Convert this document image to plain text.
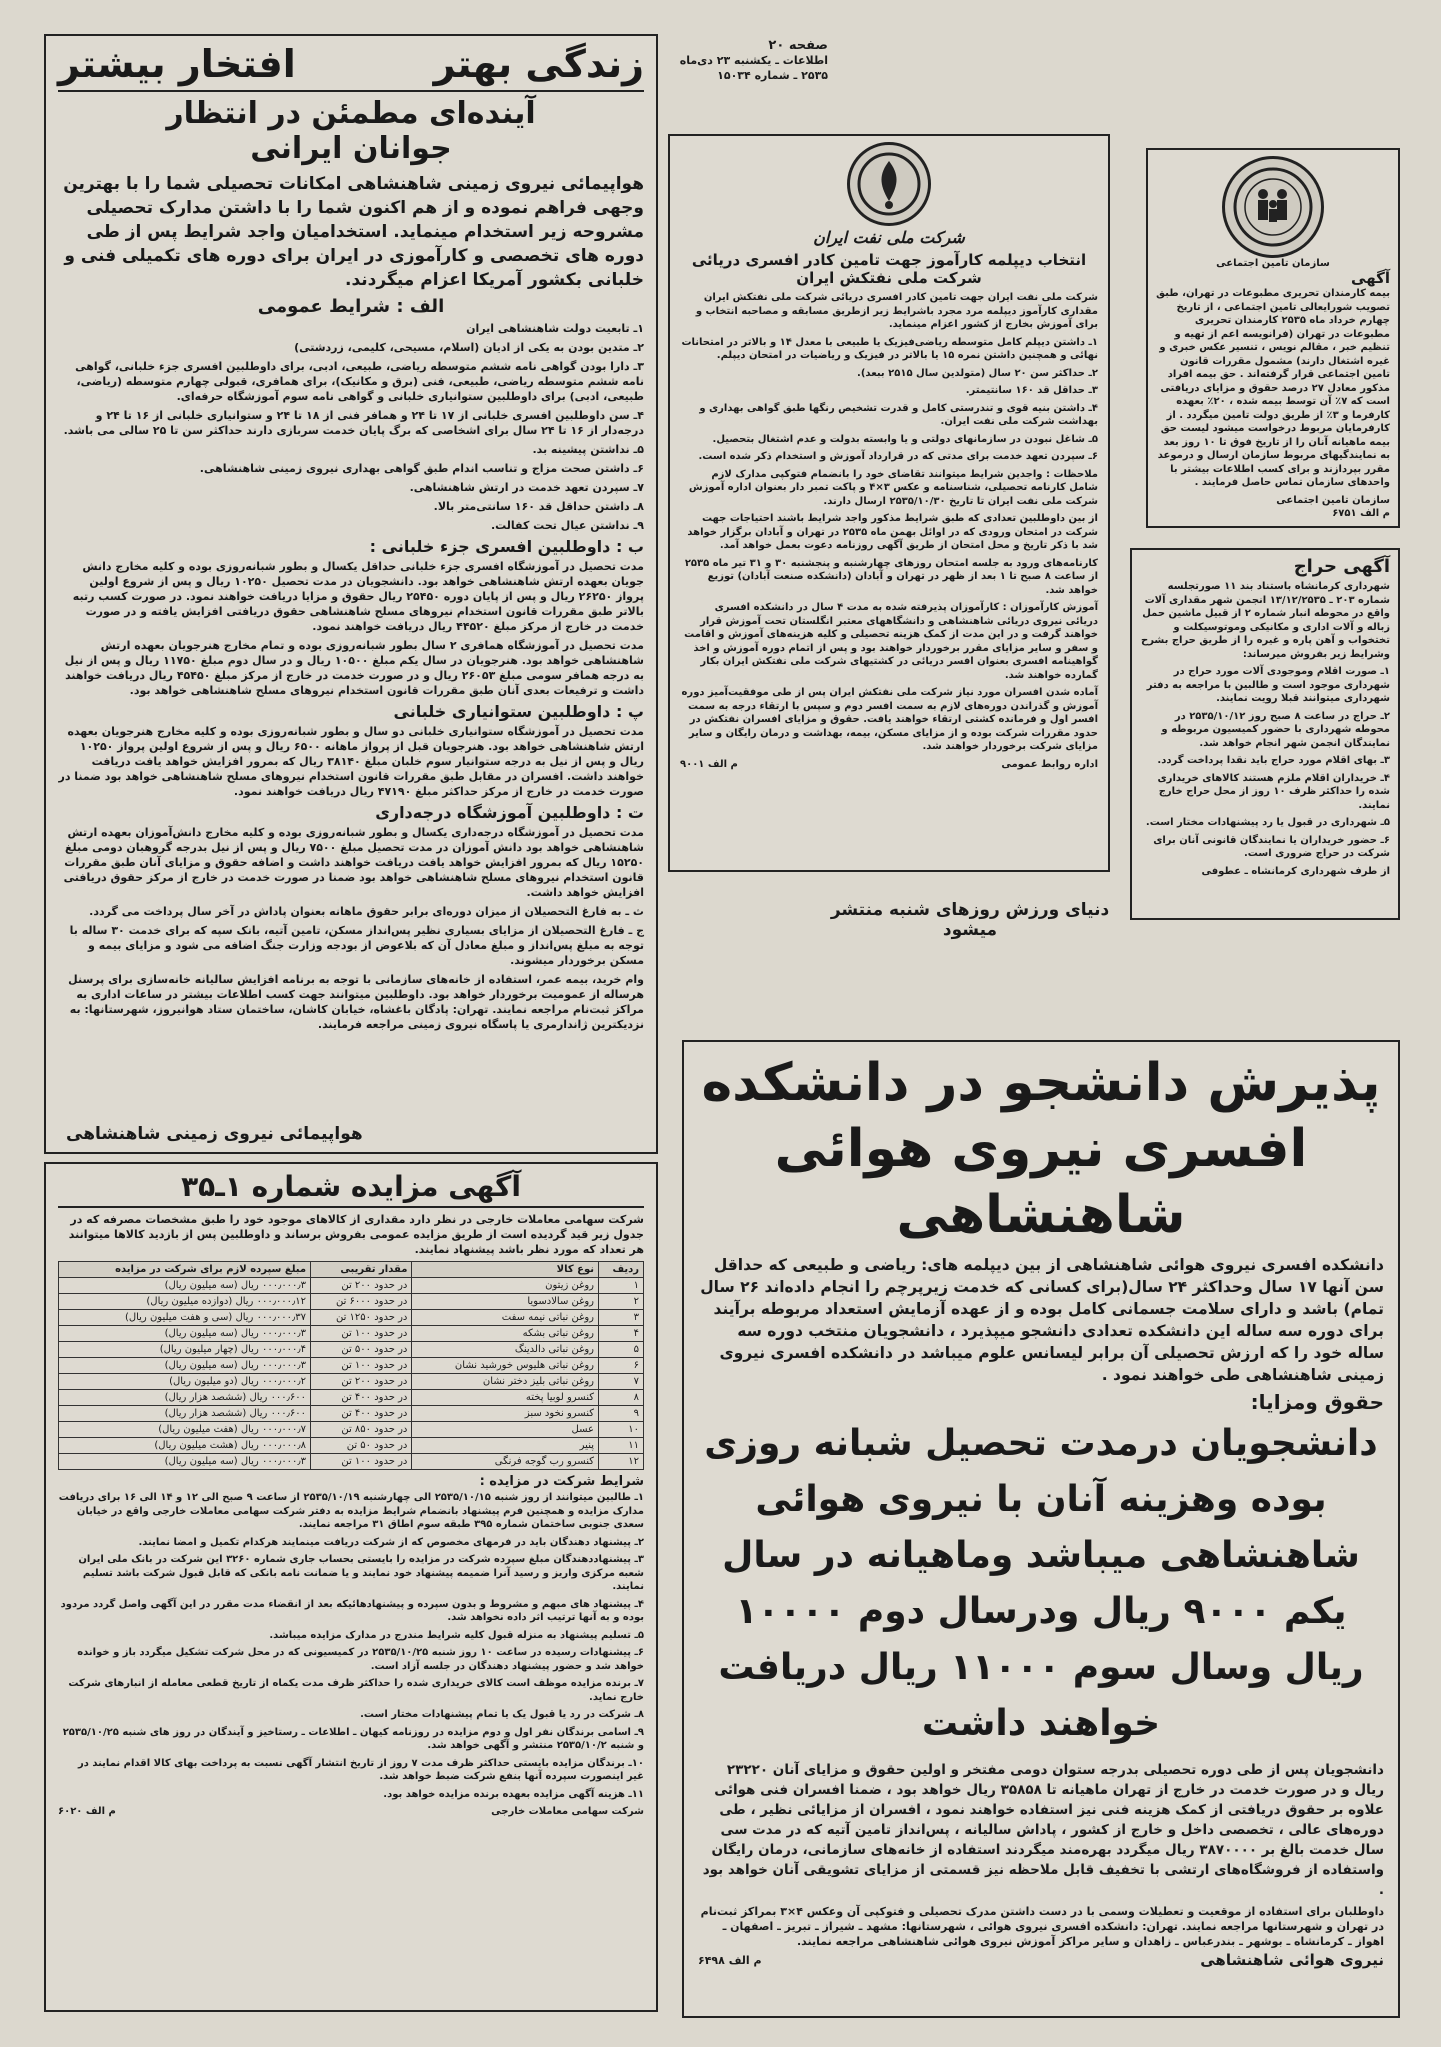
زندگی بهتر
افتخار بیشتر
آینده‌ای مطمئن در انتظار
جوانان ایرانی

هواپیمائی نیروی زمینی شاهنشاهی امکانات تحصیلی شما را با بهترین وجهی فراهم نموده و از هم اکنون شما را با داشتن مدارک تحصیلی مشروحه زیر استخدام مینماید. استخدامیان واجد شرایط پس از طی دوره های تخصصی و کارآموزی در ایران برای دوره های تکمیلی فنی و خلبانی بکشور آمریکا اعزام میگردند.

الف : شرایط عمومی

۱ـ تابعیت دولت شاهنشاهی ایران

۲ـ متدین بودن به یکی از ادیان (اسلام، مسیحی، کلیمی، زردشتی)

۳ـ دارا بودن گواهی نامه ششم متوسطه ریاضی، طبیعی، ادبی، برای داوطلبین افسری جزء خلبانی، گواهی نامه ششم متوسطه ریاضی، طبیعی، فنی (برق و مکانیک)، برای همافری، قبولی چهارم متوسطه (ریاضی، طبیعی، ادبی) برای داوطلبین ستوانیاری خلبانی و گواهی نامه سوم آموزشگاه حرفه‌ای.

۴ـ سن داوطلبین افسری خلبانی از ۱۷ تا ۲۴ و همافر فنی از ۱۸ تا ۲۴ و ستوانیاری خلبانی از ۱۶ تا ۲۴ و درجه‌دار از ۱۶ تا ۲۴ سال برای اشخاصی که برگ پایان خدمت سربازی دارند حداکثر سن تا ۲۵ سالی می باشد.

۵ـ نداشتن پیشینه بد.

۶ـ داشتن صحت مزاج و تناسب اندام طبق گواهی بهداری نیروی زمینی شاهنشاهی.

۷ـ سپردن تعهد خدمت در ارتش شاهنشاهی.

۸ـ داشتن حداقل قد ۱۶۰ سانتی‌متر بالا.

۹ـ نداشتن عیال تحت کفالت.

ب : داوطلبین افسری جزء خلبانی :

مدت تحصیل در آموزشگاه افسری جزء خلبانی حداقل یکسال و بطور شبانه‌روزی بوده و کلیه مخارج دانش جویان بعهده ارتش شاهنشاهی خواهد بود. دانشجویان در مدت تحصیل ۱۰۲۵۰ ریال و پس از شروع اولین پرواز ۲۶۲۵۰ ریال و پس از پایان دوره ۲۵۴۵۰ ریال حقوق و مزایا دریافت خواهند نمود. در صورت کسب رتبه بالاتر طبق مقررات قانون استخدام نیروهای مسلح شاهنشاهی حقوق دریافتی افزایش یافته و در صورت خدمت در خارج از مرکز مبلغ ۴۴۵۲۰ ریال دریافت خواهند نمود.

مدت تحصیل در آموزشگاه همافری ۲ سال بطور شبانه‌روزی بوده و تمام مخارج هنرجویان بعهده ارتش شاهنشاهی خواهد بود. هنرجویان در سال یکم مبلغ ۱۰۵۰۰ ریال و در سال دوم مبلغ ۱۱۷۵۰ ریال و پس از نیل به درجه همافر سومی مبلغ ۲۶۰۵۳ ریال و در صورت خدمت در خارج از مرکز مبلغ ۴۵۴۵۰ ریال دریافت خواهند داشت و ترفیعات بعدی آنان طبق مقررات قانون استخدام نیروهای مسلح شاهنشاهی خواهد بود.

پ : داوطلبین ستوانیاری خلبانی

مدت تحصیل در آموزشگاه ستوانیاری خلبانی دو سال و بطور شبانه‌روزی بوده و کلیه مخارج هنرجویان بعهده ارتش شاهنشاهی خواهد بود. هنرجویان قبل از پرواز ماهانه ۶۵۰۰ ریال و پس از شروع اولین پرواز ۱۰۲۵۰ ریال و پس از نیل به درجه ستوانیار سوم خلبان مبلغ ۳۸۱۴۰ ریال که بمرور افزایش خواهد یافت دریافت خواهند داشت. افسران در مقابل طبق مقررات قانون استخدام نیروهای مسلح شاهنشاهی خواهد بود ضمنا در صورت خدمت در خارج از مرکز حداکثر مبلغ ۴۷۱۹۰ ریال دریافت خواهند نمود.

ت : داوطلبین آموزشگاه درجه‌داری

مدت تحصیل در آموزشگاه درجه‌داری یکسال و بطور شبانه‌روزی بوده و کلیه مخارج دانش‌آموزان بعهده ارتش شاهنشاهی خواهد بود دانش آموزان در مدت تحصیل مبلغ ۷۵۰۰ ریال و پس از نیل بدرجه گروهبان دومی مبلغ ۱۵۲۵۰ ریال که بمرور افزایش خواهد یافت دریافت خواهند داشت و اضافه حقوق و مزایای آنان طبق مقررات قانون استخدام نیروهای مسلح شاهنشاهی خواهد بود ضمنا در صورت خدمت در خارج از مرکز حقوق دریافتی افزایش خواهد داشت.

ث ـ به فارغ التحصیلان از میزان دوره‌ای برابر حقوق ماهانه بعنوان پاداش در آخر سال پرداخت می گردد.

ج ـ فارغ التحصیلان از مزایای بسیاری نظیر پس‌انداز مسکن، تامین آتیه، بانک سپه که برای خدمت ۳۰ ساله با توجه به مبلغ پس‌انداز و مبلغ معادل آن که بلاعوض از بودجه وزارت جنگ اضافه می شود و مزایای بیمه و مسکن برخوردار میشوند.

وام خرید، بیمه عمر، استفاده از خانه‌های سازمانی با توجه به برنامه افزایش ساليانه خانه‌سازی برای پرسنل هرساله از عمومیت برخوردار خواهد بود. داوطلبین میتوانند جهت کسب اطلاعات بیشتر در ساعات اداری به مراکز ثبت‌نام مراجعه نمایند. تهران: پادگان باغشاه، خیابان کاشان، ساختمان ستاد هوانیروز، شهرستانها: به نزدیکترین ژاندارمری یا پاسگاه نیروی زمینی مراجعه فرمایند.

هواپیمائی نیروی زمینی شاهنشاهی
آگهی مزایده شماره ۱ـ۳۵

شرکت سهامی معاملات خارجی در نظر دارد مقداری از کالاهای موجود خود را طبق مشخصات مصرفه که در جدول زیر قید گردیده است از طریق مزایده عمومی بفروش برساند و داوطلبین پس از بازدید کالاها میتوانند هر تعداد که مورد نظر باشد پیشنهاد نمایند.

ردیف	نوع کالا	مقدار تقریبی	مبلغ سپرده لازم برای شرکت در مزایده
۱	روغن زیتون	در حدود ۲۰۰ تن	۰۰۰٫۰۰۰٫۳ ریال (سه میلیون ریال)
۲	روغن سالادسویا	در حدود ۶۰۰۰ تن	۰۰۰٫۰۰۰٫۱۲ ریال (دوازده میلیون ریال)
۳	روغن نباتی نیمه سفت	در حدود ۱۲۵۰ تن	۰۰۰٫۰۰۰٫۳۷ ریال (سی و هفت میلیون ریال)
۴	روغن نباتی بشکه	در حدود ۱۰۰ تن	۰۰۰٫۰۰۰٫۳ ریال (سه میلیون ریال)
۵	روغن نباتی دالدینگ	در حدود ۵۰۰ تن	۰۰۰٫۰۰۰٫۴ ریال (چهار میلیون ریال)
۶	روغن نباتی هلیوس خورشید نشان	در حدود ۱۰۰ تن	۰۰۰٫۰۰۰٫۳ ریال (سه میلیون ریال)
۷	روغن نباتی بلیز دختر نشان	در حدود ۲۰۰ تن	۰۰۰٫۰۰۰٫۲ ریال (دو میلیون ریال)
۸	کنسرو لوبیا پخته	در حدود ۴۰۰ تن	۰۰۰٫۶۰۰ ریال (ششصد هزار ریال)
۹	کنسرو نخود سبز	در حدود ۴۰۰ تن	۰۰۰٫۶۰۰ ریال (ششصد هزار ریال)
۱۰	عسل	در حدود ۸۵۰ تن	۰۰۰٫۰۰۰٫۷ ریال (هفت میلیون ریال)
۱۱	پنیر	در حدود ۵۰ تن	۰۰۰٫۰۰۰٫۸ ریال (هشت میلیون ریال)
۱۲	کنسرو رب گوجه فرنگی	در حدود ۱۰۰ تن	۰۰۰٫۰۰۰٫۳ ریال (سه میلیون ریال)
شرایط شرکت در مزایده :

۱ـ طالبین میتوانند از روز شنبه ۲۵۳۵/۱۰/۱۵ الی چهارشنبه ۲۵۳۵/۱۰/۱۹ از ساعت ۹ صبح الی ۱۲ و ۱۴ الی ۱۶ برای دریافت مدارک مزایده و همچنین فرم پیشنهاد بانضمام شرایط مزایده به دفتر شرکت سهامی معاملات خارجی واقع در خیابان سعدی جنوبی ساختمان شماره ۳۹۵ طبقه سوم اطاق ۳۱ مراجعه نمایند.

۲ـ پیشنهاد دهندگان باید در فرمهای مخصوص که از شرکت دریافت مینمایند هرکدام تکمیل و امضا نمایند.

۳ـ پیشنهاددهندگان مبلغ سپرده شرکت در مزایده را بایستی بحساب جاری شماره ۳۲۶۰ این شرکت در بانک ملی ایران شعبه مرکزی واریز و رسید آنرا ضمیمه پیشنهاد خود نمایند و یا ضمانت نامه بانکی که قابل قبول شرکت باشد تسلیم نمایند.

۴ـ پیشنهاد های مبهم و مشروط و بدون سپرده و پیشنهادهائیکه بعد از انقضاء مدت مقرر در این آگهی واصل گردد مردود بوده و به آنها ترتیب اثر داده نخواهد شد.

۵ـ تسلیم پیشنهاد به منزله قبول کلیه شرایط مندرج در مدارک مزایده میباشد.

۶ـ پیشنهادات رسیده در ساعت ۱۰ روز شنبه ۲۵۳۵/۱۰/۲۵ در کمیسیونی که در محل شرکت تشکیل میگردد باز و خوانده خواهد شد و حضور پیشنهاد دهندگان در جلسه آزاد است.

۷ـ برنده مزایده موظف است کالای خریداری شده را حداکثر ظرف مدت یکماه از تاریخ قطعی معامله از انبارهای شرکت خارج نماید.

۸ـ شرکت در رد یا قبول یک یا تمام پیشنهادات مختار است.

۹ـ اسامی برندگان نفر اول و دوم مزایده در روزنامه کیهان ـ اطلاعات ـ رستاخیز و آیندگان در روز های شنبه ۲۵۳۵/۱۰/۲۵ و شنبه ۲۵۳۵/۱۰/۲ منتشر و آگهی خواهد شد.

۱۰ـ برندگان مزایده بایستی حداکثر ظرف مدت ۷ روز از تاریخ انتشار آگهی نسبت به پرداخت بهای کالا اقدام نمایند در غیر اینصورت سپرده آنها بنفع شرکت ضبط خواهد شد.

۱۱ـ هزینه آگهی مزایده بعهده برنده مزایده خواهد بود.

شرکت سهامی معاملات خارجی
م الف ۶۰۲۰
صفحه ۲۰
اطلاعات ـ یکشنبه ۲۳ دی‌ماه
۲۵۳۵ ـ شماره ۱۵۰۳۴
شرکت ملی نفت ایران
انتخاب دیپلمه کارآموز جهت تامین کادر افسری دریائی
شرکت ملی نفتکش ایران

شرکت ملی نفت ایران جهت تامین کادر افسری دریائی شرکت ملی نفتکش ایران مقداری کارآموز دیپلمه مرد مجرد باشرایط زیر ازطریق مسابقه و مصاحبه انتخاب و برای آموزش بخارج از کشور اعزام مینماید.

۱ـ داشتن دیپلم کامل متوسطه ریاضی‌فیزیک یا طبیعی با معدل ۱۴ و بالاتر در امتحانات نهائی و همچنین داشتن نمره ۱۵ یا بالاتر در فیزیک و ریاضیات در امتحان دیپلم.

۲ـ حداکثر سن ۲۰ سال (متولدین سال ۲۵۱۵ ببعد).

۳ـ حداقل قد ۱۶۰ سانتیمتر.

۴ـ داشتن بنیه قوی و تندرستی کامل و قدرت تشخیص رنگها طبق گواهی بهداری و بهداشت شرکت ملی نفت ایران.

۵ـ شاغل نبودن در سازمانهای دولتی و یا وابسته بدولت و عدم اشتغال بتحصیل.

۶ـ سپردن تعهد خدمت برای مدتی که در قرارداد آموزش و استخدام ذکر شده است.

ملاحظات : واجدین شرایط میتوانند تقاضای خود را بانضمام فتوکپی مدارک لازم شامل کارنامه تحصیلی، شناسنامه و عکس ۳×۴ و پاکت تمبر دار بعنوان اداره آموزش شرکت ملی نفت ایران تا تاریخ ۲۵۳۵/۱۰/۳۰ ارسال دارند.

از بین داوطلبین تعدادی که طبق شرایط مذکور واجد شرایط باشند احتیاجات جهت شرکت در امتحان ورودی که در اوائل بهمن ماه ۲۵۳۵ در تهران و آبادان برگزار خواهد شد با ذکر تاریخ و محل امتحان از طریق آگهی روزنامه دعوت بعمل خواهد آمد.

کارنامه‌های ورود به جلسه امتحان روزهای چهارشنبه و پنجشنبه ۳۰ و ۳۱ تیر ماه ۲۵۳۵ از ساعت ۸ صبح تا ۱ بعد از ظهر در تهران و آبادان (دانشکده صنعت آبادان) توزیع خواهد شد.

آموزش کارآموزان : کارآموزان پذیرفته شده به مدت ۴ سال در دانشکده افسری دریائی نیروی دریائی شاهنشاهی و دانشگاههای معتبر انگلستان تحت آموزش قرار خواهند گرفت و در این مدت از کمک هزینه تحصیلی و کلیه هزینه‌های آموزش و اقامت و سفر و سایر مزایای مقرر برخوردار خواهند بود و پس از اتمام دوره آموزش و اخذ گواهینامه افسری بعنوان افسر دریائی در کشتیهای شرکت ملی نفتکش ایران بکار گمارده خواهند شد.

آماده شدن افسران مورد نیاز شرکت ملی نفتکش ایران پس از طی موفقیت‌آمیز دوره آموزش و گذراندن دوره‌های لازم به سمت افسر دوم و سپس با ارتقاء درجه به سمت افسر اول و فرمانده کشتی ارتقاء خواهند یافت. حقوق و مزایای افسران نفتکش در حدود مقررات شرکت بوده و از مزایای مسکن، بیمه، بهداشت و درمان رایگان و سایر مزایای شرکت برخوردار خواهند شد.

اداره روابط عمومی
م الف ۹۰۰۱
سازمان تامین اجتماعی
آگهی

بیمه کارمندان تحریری مطبوعات در تهران، طبق تصویب شورایعالی تامین اجتماعی ، از تاریخ چهارم خرداد ماه ۲۵۳۵ کارمندان تحریری مطبوعات در تهران (فرانویسه اعم از تهیه و تنظیم خبر ، مقالم نویس ، تنسیر عکس خبری و غیره اشتغال دارند) مشمول مقررات قانون تامین اجتماعی قرار گرفته‌اند . حق بیمه افراد مذکور معادل ۲۷ درصد حقوق و مزایای دریافتی است که ۷٪ آن توسط بیمه شده ، ۲۰٪ بعهده کارفرما و ۳٪ از طریق دولت تامین میگردد . از کارفرمایان مربوط درخواست میشود لیست حق بیمه ماهیانه آنان را از تاریخ فوق تا ۱۰ روز بعد به نمایندگیهای مربوط سازمان ارسال و درموعد مقرر بپردازند و برای کسب اطلاعات بیشتر با واحدهای سازمان تماس حاصل فرمایند .

سازمان تامین اجتماعی
م الف ۶۷۵۱
آگهی حراج

شهرداری کرمانشاه باستناد بند ۱۱ صورتجلسه شماره ۲۰۳ ـ ۱۳/۱۲/۲۵۳۵ انجمن شهر مقداری آلات واقع در محوطه انبار شماره ۲ از قبیل ماشین حمل زباله و آلات اداری و مکانیکی وموتوسیکلت و تختخواب و آهن پاره و غیره را از طریق حراج بشرح وشرایط زیر بفروش میرساند:

۱ـ صورت اقلام وموجودی آلات مورد حراج در شهرداری موجود است و طالبین با مراجعه به دفتر شهرداری میتوانند قبلا رویت نمایند.

۲ـ حراج در ساعت ۸ صبح روز ۲۵۳۵/۱۰/۱۲ در محوطه شهرداری با حضور کمیسیون مربوطه و نمایندگان انجمن شهر انجام خواهد شد.

۳ـ بهای اقلام مورد حراج باید نقدا پرداخت گردد.

۴ـ خریداران اقلام ملزم هستند کالاهای خریداری شده را حداکثر ظرف ۱۰ روز از محل حراج خارج نمایند.

۵ـ شهرداری در قبول یا رد پیشنهادات مختار است.

۶ـ حضور خریداران یا نمایندگان قانونی آنان برای شرکت در حراج ضروری است.

از طرف شهرداری کرمانشاه ـ عطوفی
دنیای ورزش روزهای شنبه منتشر میشود
پذیرش دانشجو در دانشکده
افسری نیروی هوائی شاهنشاهی

دانشکده افسری نیروی هوائی شاهنشاهی از بین دیپلمه های: ریاضی و طبیعی که حداقل سن آنها ۱۷ سال وحداکثر ۲۴ سال(برای کسانی که خدمت زیرپرچم را انجام داده‌اند ۲۶ سال تمام) باشد و دارای سلامت جسمانی کامل بوده و از عهده آزمایش استعداد مربوطه برآیند برای دوره سه ساله این دانشکده تعدادی دانشجو میپذیرد ، دانشجویان منتخب دوره سه ساله خود را که ارزش تحصیلی آن برابر لیسانس علوم میباشد در دانشکده افسری نیروی زمینی شاهنشاهی طی خواهند نمود .

حقوق ومزایا:

دانشجویان درمدت تحصیل شبانه روزی بوده وهزینه آنان با نیروی هوائی شاهنشاهی میباشد وماهیانه در سال یکم ۹۰۰۰ ریال ودرسال دوم ۱۰۰۰۰ ریال وسال سوم ۱۱۰۰۰ ریال دریافت خواهند داشت

دانشجویان پس از طی دوره تحصیلی بدرجه ستوان دومی مفتخر و اولین حقوق و مزایای آنان ۲۳۲۲۰ ریال و در صورت خدمت در خارج از تهران ماهیانه تا ۳۵۸۵۸ ریال خواهد بود ، ضمنا افسران فنی هوائی علاوه بر حقوق دریافتی از کمک هزینه فنی نیز استفاده خواهند نمود ، افسران از مزایائی نظیر ، طی دوره‌های عالی ، تخصصی داخل و خارج از کشور ، پاداش سالیانه ، پس‌انداز تامین آتیه که در مدت سی سال خدمت بالغ بر ۳۸۷۰۰۰۰ ریال میگردد بهره‌مند میگردند استفاده از خانه‌های سازمانی، درمان رایگان واستفاده از فروشگاه‌های ارتشی با تخفیف قابل ملاحظه نیز قسمتی از مزایای تشویقی آنان خواهد بود .

داوطلبان برای استفاده از موقعیت و تعطیلات وسمی با در دست داشتن مدرک تحصیلی و فتوکپی آن وعکس ۴×۳ بمراکز ثبت‌نام در تهران و شهرستانها مراجعه نمایند. تهران: دانشکده افسری نیروی هوائی ، شهرستانها: مشهد ـ شیراز ـ تبریز ـ اصفهان ـ اهواز ـ کرمانشاه ـ بوشهر ـ بندرعباس ـ زاهدان و سایر مراکز آموزش نیروی هوائی شاهنشاهی مراجعه نمایند.

نیروی هوائی شاهنشاهی
م الف ۶۴۹۸
